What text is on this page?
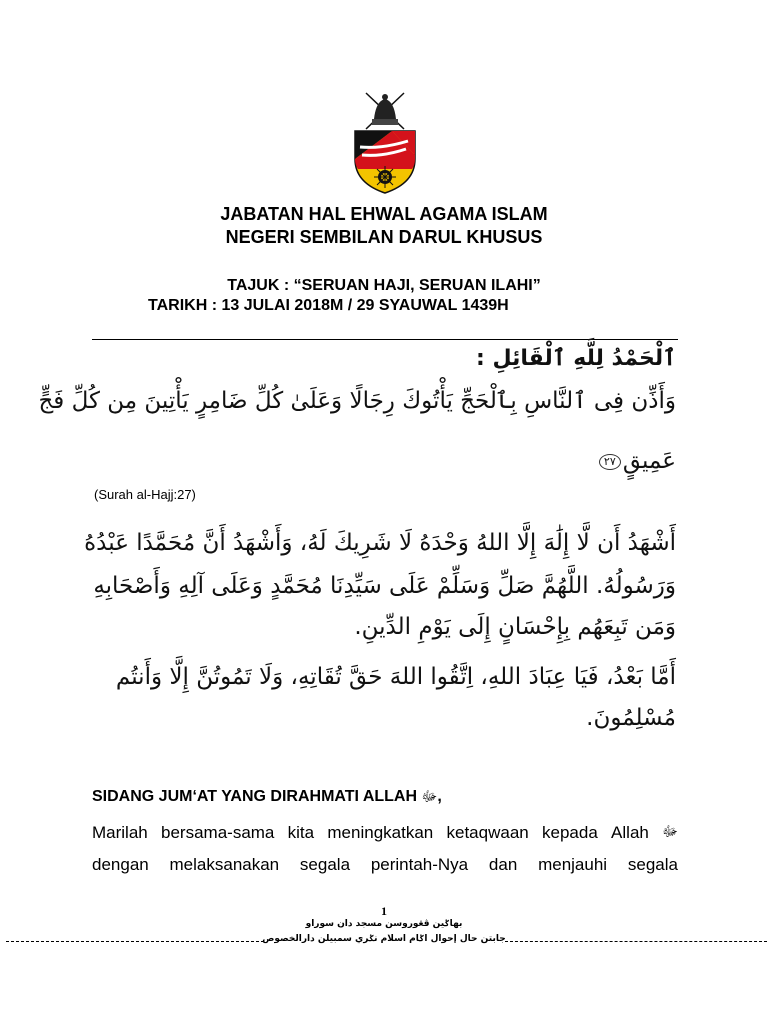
JABATAN HAL EHWAL AGAMA ISLAM
NEGERI SEMBILAN DARUL KHUSUS
TAJUK : “SERUAN HAJI, SERUAN ILAHI”
TARIKH : 13 JULAI 2018M / 29 SYAUWAL 1439H
ٱلْحَمْدُ لِلَّهِ ٱلْقَائِلِ :
وَأَذِّن فِى ٱلنَّاسِ بِٱلْحَجِّ يَأْتُوكَ رِجَالًا وَعَلَىٰ كُلِّ ضَامِرٍ يَأْتِينَ مِن كُلِّ فَجٍّ
عَمِيقٍ٢٧
(Surah al-Hajj:27)
أَشْهَدُ أَن لَّا إِلَٰهَ إِلَّا اللهُ وَحْدَهُ لَا شَرِيكَ لَهُ، وَأَشْهَدُ أَنَّ مُحَمَّدًا عَبْدُهُ
وَرَسُولُهُ. اللَّهُمَّ صَلِّ وَسَلِّمْ عَلَى سَيِّدِنَا مُحَمَّدٍ وَعَلَى آلِهِ وَأَصْحَابِهِ
وَمَن تَبِعَهُم بِإِحْسَانٍ إِلَى يَوْمِ الدِّينِ.
أَمَّا بَعْدُ، فَيَا عِبَادَ اللهِ، اِتَّقُوا اللهَ حَقَّ تُقَاتِهِ، وَلَا تَمُوتُنَّ إِلَّا وَأَنتُم
مُسْلِمُونَ.
SIDANG JUM‘AT YANG DIRAHMATI ALLAH ﷻ,
Marilah bersama-sama kita meningkatkan ketaqwaan kepada Allah ﷻ
dengan melaksanakan segala perintah-Nya dan menjauhi segala
1
بهاݢين ڤڠوروسن مسجد دان سوراو
جابتن حال إحوال اݢام اسلام نݢري سمبيلن دارالخصوص
